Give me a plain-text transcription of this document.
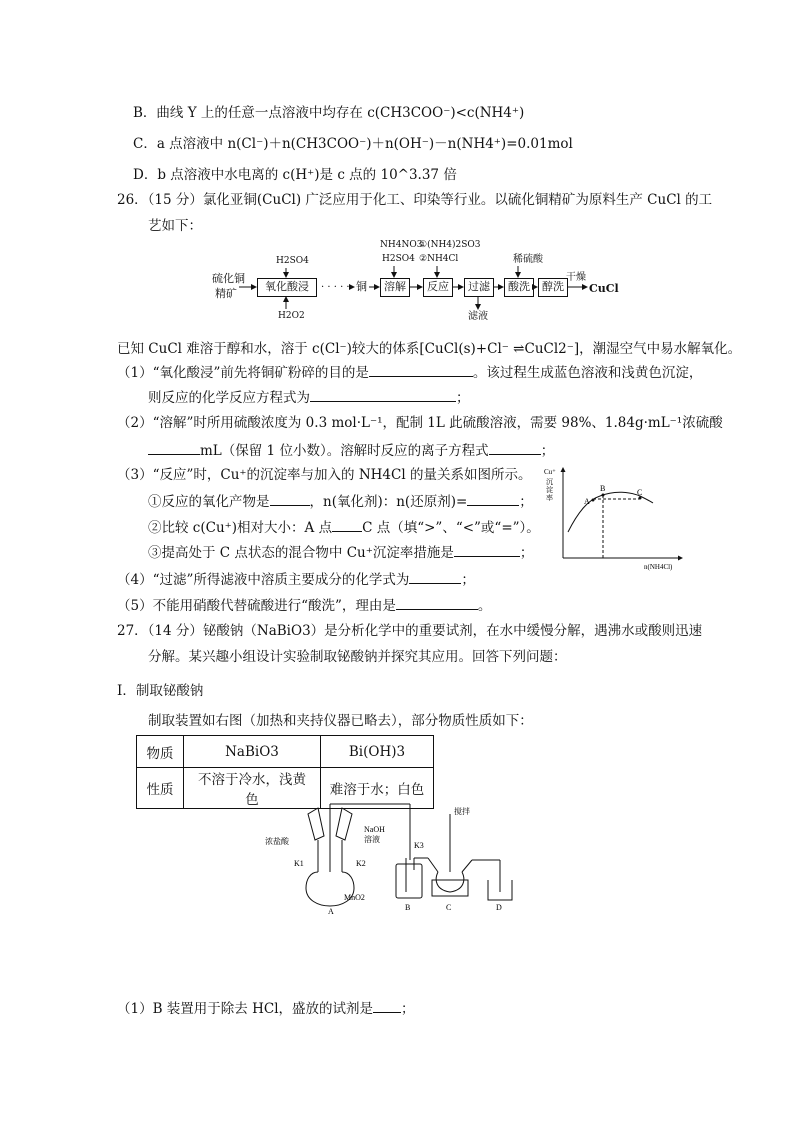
B．曲线 Y 上的任意一点溶液中均存在 c(CH3COO⁻)<c(NH4⁺)
C．a 点溶液中 n(Cl⁻)＋n(CH3COO⁻)＋n(OH⁻)－n(NH4⁺)=0.01mol
D．b 点溶液中水电离的 c(H⁺)是 c 点的 10^3.37 倍
26．（15 分）氯化亚铜(CuCl) 广泛应用于化工、印染等行业。以硫化铜精矿为原料生产 CuCl 的工
艺如下：
硫化铜
精矿
H2SO4
氧化酸浸
H2O2
· · · · · 铜
NH4NO3
H2SO4
溶解
①(NH4)2SO3
②NH4Cl
反应	过滤
滤液
稀硫酸
酸洗	醇洗
干燥
CuCl
已知 CuCl 难溶于醇和水，溶于 c(Cl⁻)较大的体系[CuCl(s)+Cl⁻ ⇌CuCl2⁻]，潮湿空气中易水解氧化。
（1）“氧化酸浸”前先将铜矿粉碎的目的是	。该过程生成蓝色溶液和浅黄色沉淀，
则反应的化学反应方程式为	；
（2）“溶解”时所用硫酸浓度为 0.3 mol·L⁻¹，配制 1L 此硫酸溶液，需要 98%、1.84g·mL⁻¹浓硫酸
mL（保留 1 位小数）。溶解时反应的离子方程式	；
（3）“反应”时，Cu⁺的沉淀率与加入的 NH4Cl 的量关系如图所示。
①反应的氧化产物是	，n(氧化剂)：n(还原剂)=	；
②比较 c(Cu⁺)相对大小：A 点 C 点（填“>”、“<”或“=”）。
③提高处于 C 点状态的混合物中 Cu⁺沉淀率措施是	；
A
B	C
Cu⁺
沉
淀
率
n(NH4Cl)
（4）“过滤”所得滤液中溶质主要成分的化学式为	；
（5）不能用硝酸代替硫酸进行“酸洗”，理由是	。
27．（14 分）铋酸钠（NaBiO3）是分析化学中的重要试剂，在水中缓慢分解，遇沸水或酸则迅速
分解。某兴趣小组设计实验制取铋酸钠并探究其应用。回答下列问题：
Ⅰ．制取铋酸钠
制取装置如右图（加热和夹持仪器已略去），部分物质性质如下：
物质	NaBiO3	Bi(OH)3
性质	不溶于冷水，浅黄色	难溶于水；白色
浓盐酸
NaOH
溶液
K1	K2
K3
MnO2
搅拌
A	B	C	D
（1）B 装置用于除去 HCl，盛放的试剂是 ；
